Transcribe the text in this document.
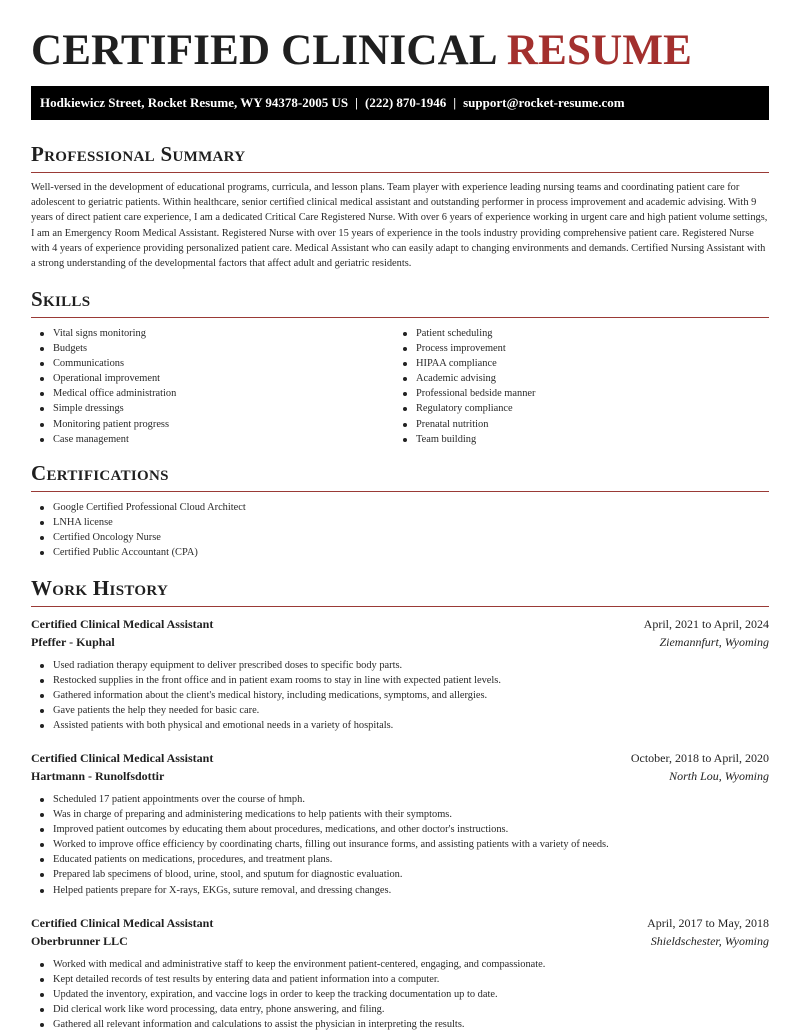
CERTIFIED CLINICAL RESUME
Hodkiewicz Street, Rocket Resume, WY 94378-2005 US | (222) 870-1946 | support@rocket-resume.com
Professional Summary

Well-versed in the development of educational programs, curricula, and lesson plans. Team player with experience leading nursing teams and coordinating patient care for adolescent to geriatric patients. Within healthcare, senior certified clinical medical assistant and outstanding performer in process improvement and academic advising. With 9 years of direct patient care experience, I am a dedicated Critical Care Registered Nurse. With over 6 years of experience working in urgent care and high patient volume settings, I am an Emergency Room Medical Assistant. Registered Nurse with over 15 years of experience in the tools industry providing comprehensive patient care. Registered Nurse with 4 years of experience providing personalized patient care. Medical Assistant who can easily adapt to changing environments and demands. Certified Nursing Assistant with a strong understanding of the developmental factors that affect adult and geriatric residents.

Skills
Vital signs monitoring
Budgets
Communications
Operational improvement
Medical office administration
Simple dressings
Monitoring patient progress
Case management
Patient scheduling
Process improvement
HIPAA compliance
Academic advising
Professional bedside manner
Regulatory compliance
Prenatal nutrition
Team building
Certifications
Google Certified Professional Cloud Architect
LNHA license
Certified Oncology Nurse
Certified Public Accountant (CPA)
Work History
Certified Clinical Medical Assistant	April, 2021 to April, 2024
Pfeffer - Kuphal	Ziemannfurt, Wyoming
Used radiation therapy equipment to deliver prescribed doses to specific body parts.
Restocked supplies in the front office and in patient exam rooms to stay in line with expected patient levels.
Gathered information about the client's medical history, including medications, symptoms, and allergies.
Gave patients the help they needed for basic care.
Assisted patients with both physical and emotional needs in a variety of hospitals.
Certified Clinical Medical Assistant	October, 2018 to April, 2020
Hartmann - Runolfsdottir	North Lou, Wyoming
Scheduled 17 patient appointments over the course of hmph.
Was in charge of preparing and administering medications to help patients with their symptoms.
Improved patient outcomes by educating them about procedures, medications, and other doctor's instructions.
Worked to improve office efficiency by coordinating charts, filling out insurance forms, and assisting patients with a variety of needs.
Educated patients on medications, procedures, and treatment plans.
Prepared lab specimens of blood, urine, stool, and sputum for diagnostic evaluation.
Helped patients prepare for X-rays, EKGs, suture removal, and dressing changes.
Certified Clinical Medical Assistant	April, 2017 to May, 2018
Oberbrunner LLC	Shieldschester, Wyoming
Worked with medical and administrative staff to keep the environment patient-centered, engaging, and compassionate.
Kept detailed records of test results by entering data and patient information into a computer.
Updated the inventory, expiration, and vaccine logs in order to keep the tracking documentation up to date.
Did clerical work like word processing, data entry, phone answering, and filing.
Gathered all relevant information and calculations to assist the physician in interpreting the results.
